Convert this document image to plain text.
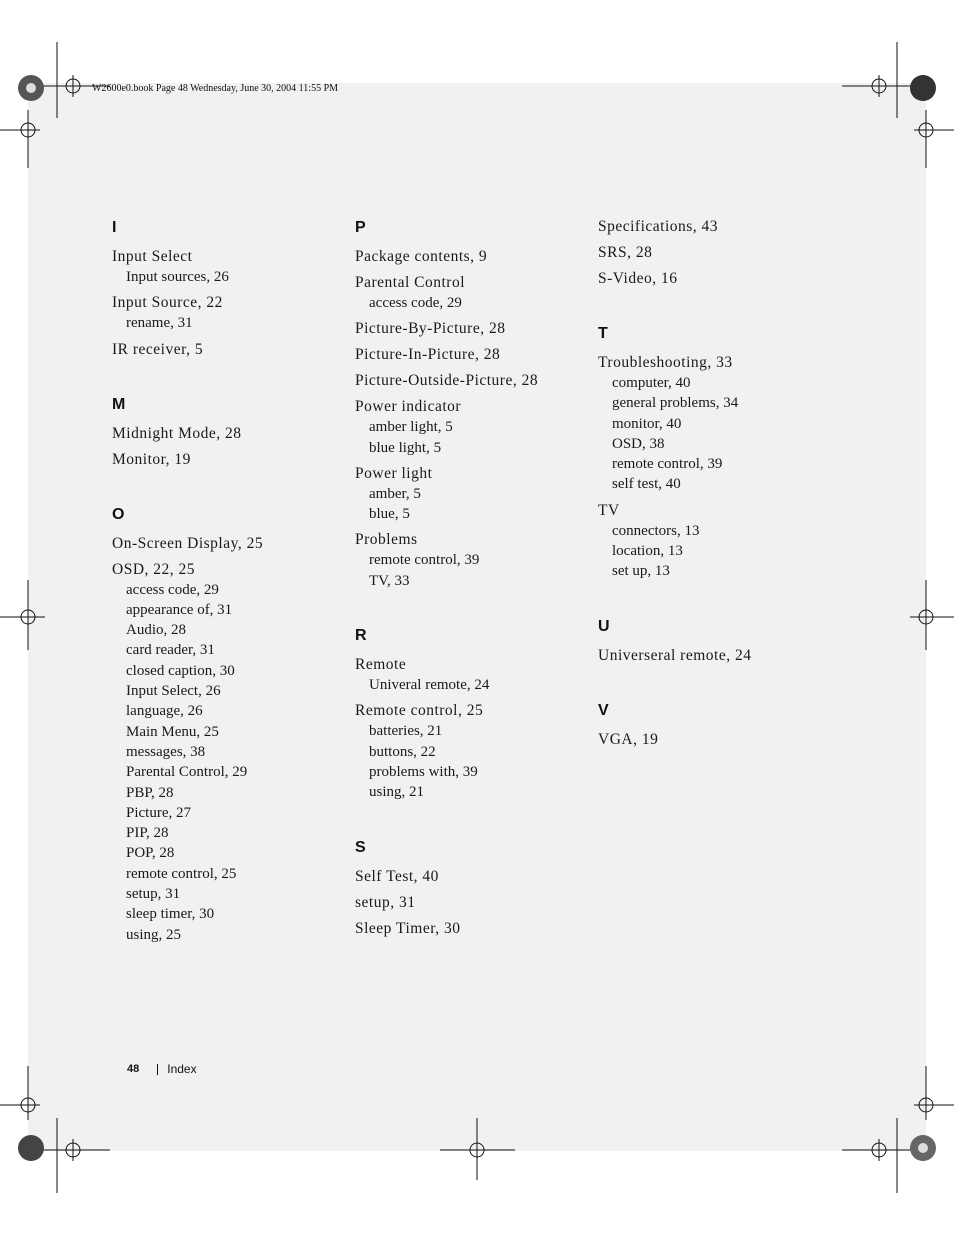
W2600e0.book Page 48 Wednesday, June 30, 2004 11:55 PM
I
Input Select
Input sources, 26
Input Source, 22
rename, 31
IR receiver, 5
M
Midnight Mode, 28
Monitor, 19
O
On-Screen Display, 25
OSD, 22, 25
access code, 29
appearance of, 31
Audio, 28
card reader, 31
closed caption, 30
Input Select, 26
language, 26
Main Menu, 25
messages, 38
Parental Control, 29
PBP, 28
Picture, 27
PIP, 28
POP, 28
remote control, 25
setup, 31
sleep timer, 30
using, 25
P
Package contents, 9
Parental Control
access code, 29
Picture-By-Picture, 28
Picture-In-Picture, 28
Picture-Outside-Picture, 28
Power indicator
amber light, 5
blue light, 5
Power light
amber, 5
blue, 5
Problems
remote control, 39
TV, 33
R
Remote
Univeral remote, 24
Remote control, 25
batteries, 21
buttons, 22
problems with, 39
using, 21
S
Self Test, 40
setup, 31
Sleep Timer, 30
Specifications, 43
SRS, 28
S-Video, 16
T
Troubleshooting, 33
computer, 40
general problems, 34
monitor, 40
OSD, 38
remote control, 39
self test, 40
TV
connectors, 13
location, 13
set up, 13
U
Universeral remote, 24
V
VGA, 19
48 Index
